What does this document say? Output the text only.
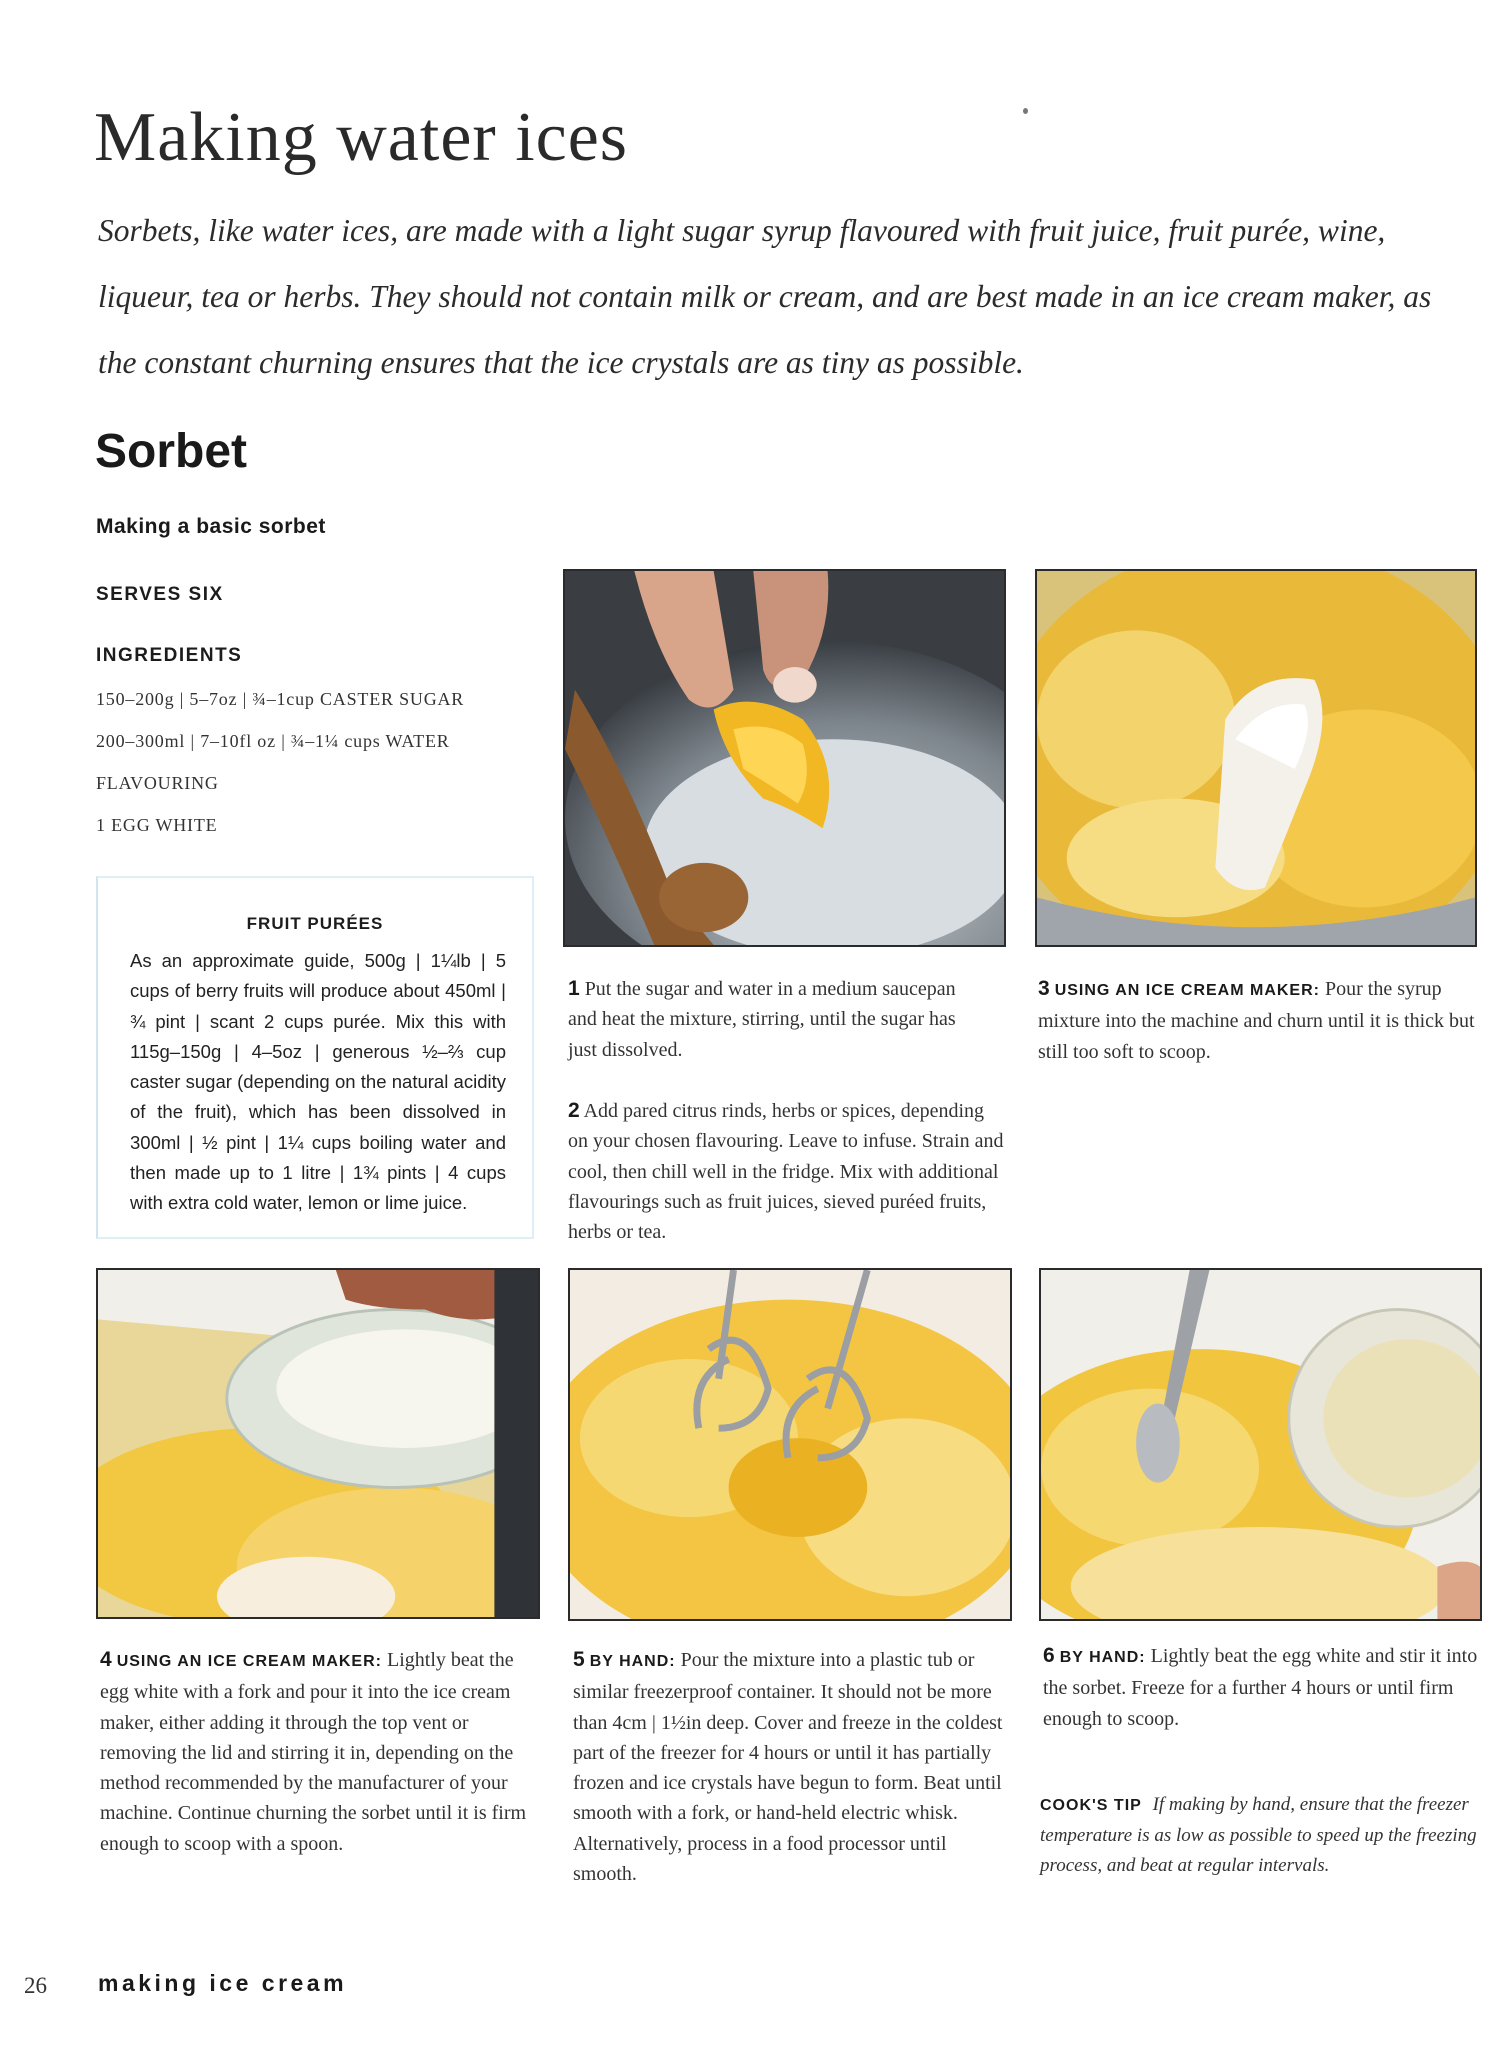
Making water ices

Sorbets, like water ices, are made with a light sugar syrup flavoured with fruit juice, fruit purée, wine, liqueur, tea or herbs. They should not contain milk or cream, and are best made in an ice cream maker, as the constant churning ensures that the ice crystals are as tiny as possible.

Sorbet
Making a basic sorbet
SERVES SIX
INGREDIENTS
150–200g | 5–7oz | ¾–1cup CASTER SUGAR
200–300ml | 7–10fl oz | ¾–1¼ cups WATER
FLAVOURING
1 EGG WHITE
FRUIT PURÉES
As an approximate guide, 500g | 1¼lb | 5 cups of berry fruits will produce about 450ml | ¾ pint | scant 2 cups purée. Mix this with 115g–150g | 4–5oz | generous ½–⅔ cup caster sugar (depending on the natural acidity of the fruit), which has been dissolved in 300ml | ½ pint | 1¼ cups boiling water and then made up to 1 litre | 1¾ pints | 4 cups with extra cold water, lemon or lime juice.
1 Put the sugar and water in a medium saucepan and heat the mixture, stirring, until the sugar has just dissolved.
2 Add pared citrus rinds, herbs or spices, depending on your chosen flavouring. Leave to infuse. Strain and cool, then chill well in the fridge. Mix with additional flavourings such as fruit juices, sieved puréed fruits, herbs or tea.
3 USING AN ICE CREAM MAKER: Pour the syrup mixture into the machine and churn until it is thick but still too soft to scoop.
4 USING AN ICE CREAM MAKER: Lightly beat the egg white with a fork and pour it into the ice cream maker, either adding it through the top vent or removing the lid and stirring it in, depending on the method recommended by the manufacturer of your machine. Continue churning the sorbet until it is firm enough to scoop with a spoon.
5 BY HAND: Pour the mixture into a plastic tub or similar freezerproof container. It should not be more than 4cm | 1½in deep. Cover and freeze in the coldest part of the freezer for 4 hours or until it has partially frozen and ice crystals have begun to form. Beat until smooth with a fork, or hand-held electric whisk. Alternatively, process in a food processor until smooth.
6 BY HAND: Lightly beat the egg white and stir it into the sorbet. Freeze for a further 4 hours or until firm enough to scoop.
COOK'S TIP If making by hand, ensure that the freezer temperature is as low as possible to speed up the freezing process, and beat at regular intervals.
26 making ice cream
